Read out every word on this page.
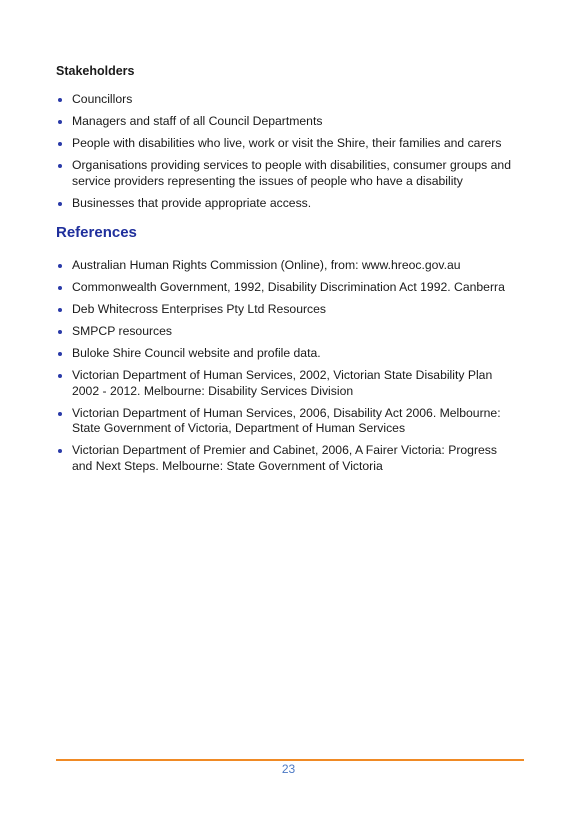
Stakeholders
Councillors
Managers and staff of all Council Departments
People with disabilities who live, work or visit the Shire, their families and carers
Organisations providing services to people with disabilities, consumer groups and service providers representing the issues of people who have a disability
Businesses that provide appropriate access.
References
Australian Human Rights Commission (Online), from: www.hreoc.gov.au
Commonwealth Government, 1992, Disability Discrimination Act 1992. Canberra
Deb Whitecross Enterprises Pty Ltd Resources
SMPCP resources
Buloke Shire Council website and profile data.
Victorian Department of Human Services, 2002, Victorian State Disability Plan 2002 - 2012. Melbourne: Disability Services Division
Victorian Department of Human Services, 2006, Disability Act 2006. Melbourne: State Government of Victoria, Department of Human Services
Victorian Department of Premier and Cabinet, 2006, A Fairer Victoria: Progress and Next Steps. Melbourne: State Government of Victoria
23
